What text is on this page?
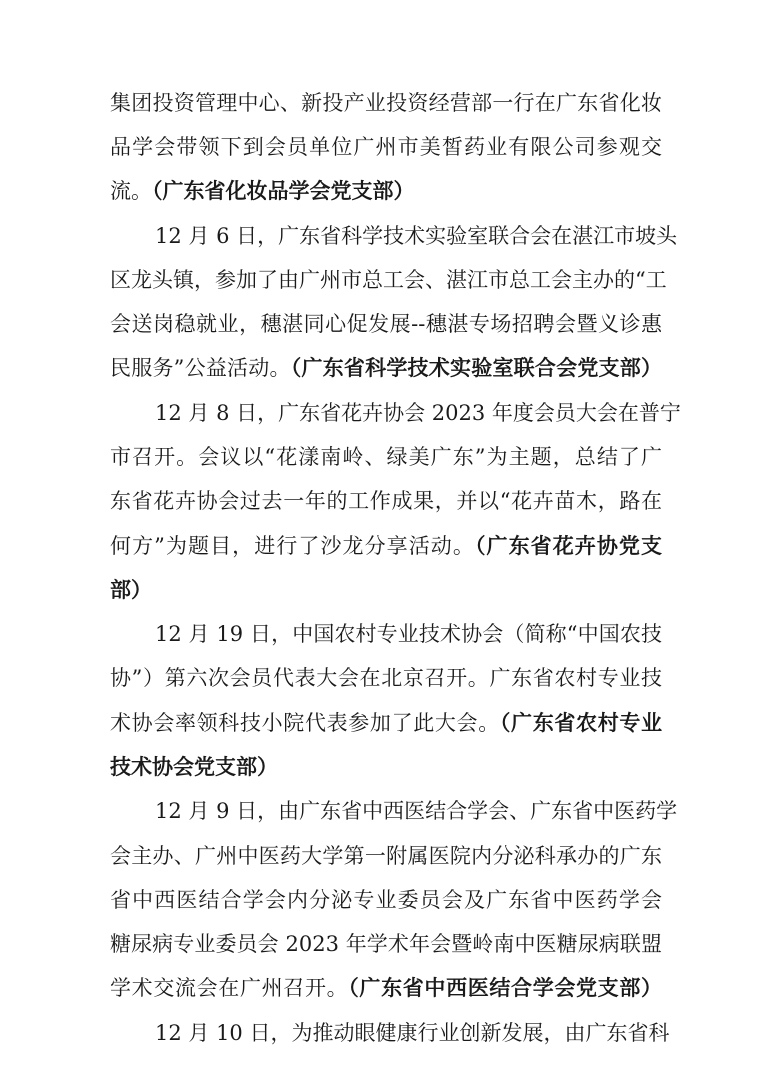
集团投资管理中心、新投产业投资经营部一行在广东省化妆
品学会带领下到会员单位广州市美皙药业有限公司参观交
流。（广东省化妆品学会党支部）
12 月 6 日，广东省科学技术实验室联合会在湛江市坡头
区龙头镇，参加了由广州市总工会、湛江市总工会主办的“工
会送岗稳就业，穗湛同心促发展--穗湛专场招聘会暨义诊惠
民服务”公益活动。（广东省科学技术实验室联合会党支部）
12 月 8 日，广东省花卉协会 2023 年度会员大会在普宁
市召开。会议以“花漾南岭、绿美广东”为主题，总结了广
东省花卉协会过去一年的工作成果，并以“花卉苗木，路在
何方”为题目，进行了沙龙分享活动。（广东省花卉协党支
部）
12 月 19 日，中国农村专业技术协会（简称“中国农技
协”）第六次会员代表大会在北京召开。广东省农村专业技
术协会率领科技小院代表参加了此大会。（广东省农村专业
技术协会党支部）
12 月 9 日，由广东省中西医结合学会、广东省中医药学
会主办、广州中医药大学第一附属医院内分泌科承办的广东
省中西医结合学会内分泌专业委员会及广东省中医药学会
糖尿病专业委员会 2023 年学术年会暨岭南中医糖尿病联盟
学术交流会在广州召开。（广东省中西医结合学会党支部）
12 月 10 日，为推动眼健康行业创新发展，由广东省科
